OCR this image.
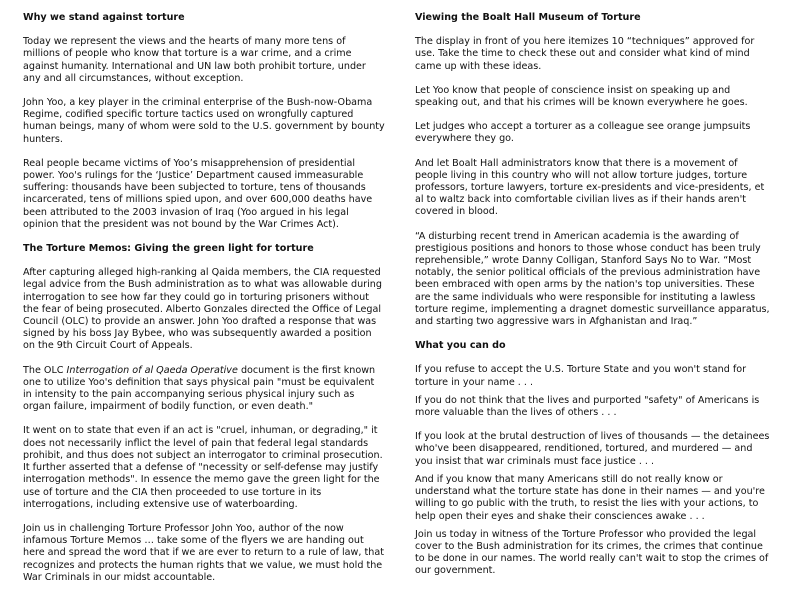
Why we stand against torture

Today we represent the views and the hearts of many more tens of millions of people who know that torture is a war crime, and a crime against humanity. International and UN law both prohibit torture, under any and all circumstances, without exception.

John Yoo, a key player in the criminal enterprise of the Bush-now-Obama Regime, codified specific torture tactics used on wrongfully captured human beings, many of whom were sold to the U.S. government by bounty hunters.

Real people became victims of Yoo’s misapprehension of presidential power. Yoo's rulings for the ‘Justice’ Department caused immeasurable suffering: thousands have been subjected to torture, tens of thousands incarcerated, tens of millions spied upon, and over 600,000 deaths have been attributed to the 2003 invasion of Iraq (Yoo argued in his legal opinion that the president was not bound by the War Crimes Act).

The Torture Memos: Giving the green light for torture

After capturing alleged high-ranking al Qaida members, the CIA requested legal advice from the Bush administration as to what was allowable during interrogation to see how far they could go in torturing prisoners without the fear of being prosecuted. Alberto Gonzales directed the Office of Legal Council (OLC) to provide an answer. John Yoo drafted a response that was signed by his boss Jay Bybee, who was subsequently awarded a position on the 9th Circuit Court of Appeals.

The OLC Interrogation of al Qaeda Operative document is the first known one to utilize Yoo's definition that says physical pain "must be equivalent in intensity to the pain accompanying serious physical injury such as organ failure, impairment of bodily function, or even death."

It went on to state that even if an act is "cruel, inhuman, or degrading," it does not necessarily inflict the level of pain that federal legal standards prohibit, and thus does not subject an interrogator to criminal prosecution. It further asserted that a defense of "necessity or self-defense may justify interrogation methods". In essence the memo gave the green light for the use of torture and the CIA then proceeded to use torture in its interrogations, including extensive use of waterboarding.

Join us in challenging Torture Professor John Yoo, author of the now infamous Torture Memos … take some of the flyers we are handing out here and spread the word that if we are ever to return to a rule of law, that recognizes and protects the human rights that we value, we must hold the War Criminals in our midst accountable.

Viewing the Boalt Hall Museum of Torture

The display in front of you here itemizes 10 “techniques” approved for use. Take the time to check these out and consider what kind of mind came up with these ideas.

Let Yoo know that people of conscience insist on speaking up and speaking out, and that his crimes will be known everywhere he goes.

Let judges who accept a torturer as a colleague see orange jumpsuits everywhere they go.

And let Boalt Hall administrators know that there is a movement of people living in this country who will not allow torture judges, torture professors, torture lawyers, torture ex-presidents and vice-presidents, et al to waltz back into comfortable civilian lives as if their hands aren't covered in blood.

“A disturbing recent trend in American academia is the awarding of prestigious positions and honors to those whose conduct has been truly reprehensible,” wrote Danny Colligan, Stanford Says No to War. “Most notably, the senior political officials of the previous administration have been embraced with open arms by the nation's top universities. These are the same individuals who were responsible for instituting a lawless torture regime, implementing a dragnet domestic surveillance apparatus, and starting two aggressive wars in Afghanistan and Iraq.”

What you can do

If you refuse to accept the U.S. Torture State and you won't stand for torture in your name . . .

If you do not think that the lives and purported "safety" of Americans is more valuable than the lives of others . . .

If you look at the brutal destruction of lives of thousands — the detainees who've been disappeared, renditioned, tortured, and murdered — and you insist that war criminals must face justice . . .

And if you know that many Americans still do not really know or understand what the torture state has done in their names — and you're willing to go public with the truth, to resist the lies with your actions, to help open their eyes and shake their consciences awake . . .

Join us today in witness of the Torture Professor who provided the legal cover to the Bush administration for its crimes, the crimes that continue to be done in our names. The world really can't wait to stop the crimes of our government.
